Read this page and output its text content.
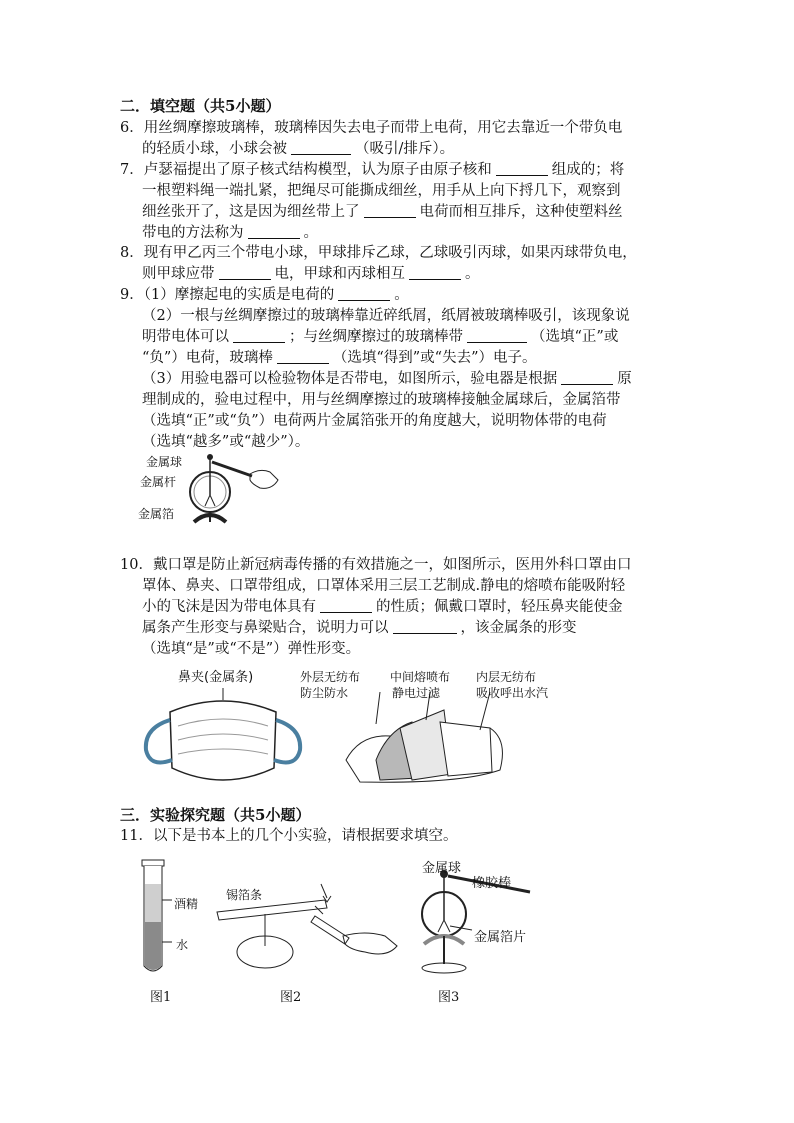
二．填空题（共5小题）
6．用丝绸摩擦玻璃棒，玻璃棒因失去电子而带上电荷，用它去靠近一个带负电
的轻质小球，小球会被	（吸引/排斥）。
7．卢瑟福提出了原子核式结构模型，认为原子由原子核和	组成的；将
一根塑料绳一端扎紧，把绳尽可能撕成细丝，用手从上向下捋几下，观察到
细丝张开了，这是因为细丝带上了	电荷而相互排斥，这种使塑料丝
带电的方法称为	。
8．现有甲乙丙三个带电小球，甲球排斥乙球，乙球吸引丙球，如果丙球带负电，
则甲球应带	电，甲球和丙球相互	。
9．（1）摩擦起电的实质是电荷的	。
（2）一根与丝绸摩擦过的玻璃棒靠近碎纸屑，纸屑被玻璃棒吸引，该现象说
明带电体可以	；与丝绸摩擦过的玻璃棒带	（选填“正”或
“负”）电荷，玻璃棒	（选填“得到”或“失去”）电子。
（3）用验电器可以检验物体是否带电，如图所示，验电器是根据	原
理制成的，验电过程中，用与丝绸摩擦过的玻璃棒接触金属球后，金属箔带
（选填“正”或“负”）电荷两片金属箔张开的角度越大，说明物体带的电荷
（选填“越多”或“越少”）。
金属球
金属杆
金属箔
10．戴口罩是防止新冠病毒传播的有效措施之一，如图所示，医用外科口罩由口
罩体、鼻夹、口罩带组成，口罩体采用三层工艺制成.静电的熔喷布能吸附轻
小的飞沫是因为带电体具有	的性质；佩戴口罩时，轻压鼻夹能使金
属条产生形变与鼻梁贴合，说明力可以	，该金属条的形变
（选填“是”或“不是”）弹性形变。
鼻夹(金属条)	外层无纺布
防尘防水
中间熔喷布
静电过滤
内层无纺布
吸收呼出水汽
三．实验探究题（共5小题）
11．以下是书本上的几个小实验，请根据要求填空。
酒精
水
图1
锡箔条
图2
金属球
橡胶棒
金属箔片
图3
